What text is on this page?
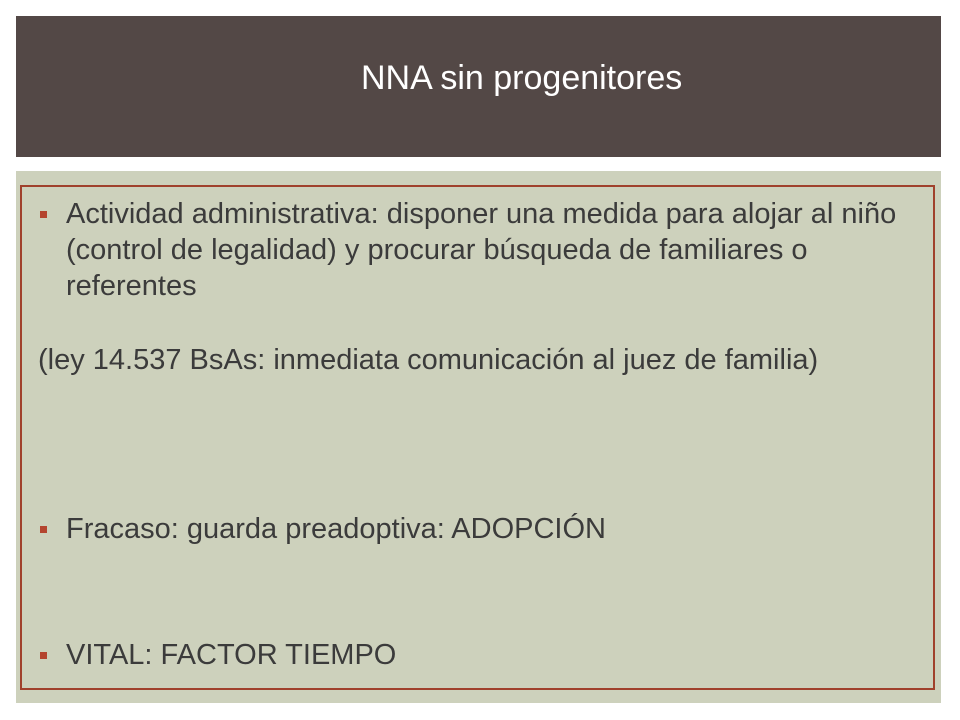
NNA sin progenitores
Actividad administrativa: disponer una medida para alojar al niño (control de legalidad) y procurar búsqueda de familiares o referentes
(ley 14.537 BsAs: inmediata comunicación al juez de familia)
Fracaso: guarda preadoptiva: ADOPCIÓN
VITAL: FACTOR TIEMPO
